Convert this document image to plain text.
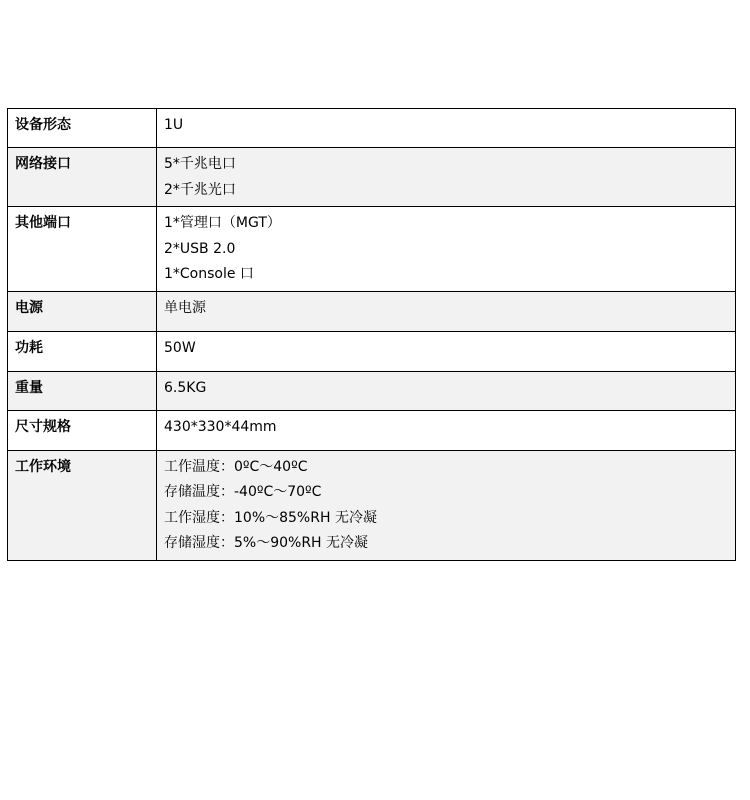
设备形态	1U

网络接口	5*千兆电口
2*千兆光口

其他端口	1*管理口（MGT）
2*USB 2.0
1*Console 口

电源	单电源

功耗	50W

重量	6.5KG

尺寸规格	430*330*44mm

工作环境	工作温度：0ºC～40ºC
存储温度：-40ºC～70ºC
工作湿度：10%～85%RH 无冷凝
存储湿度：5%～90%RH 无冷凝
